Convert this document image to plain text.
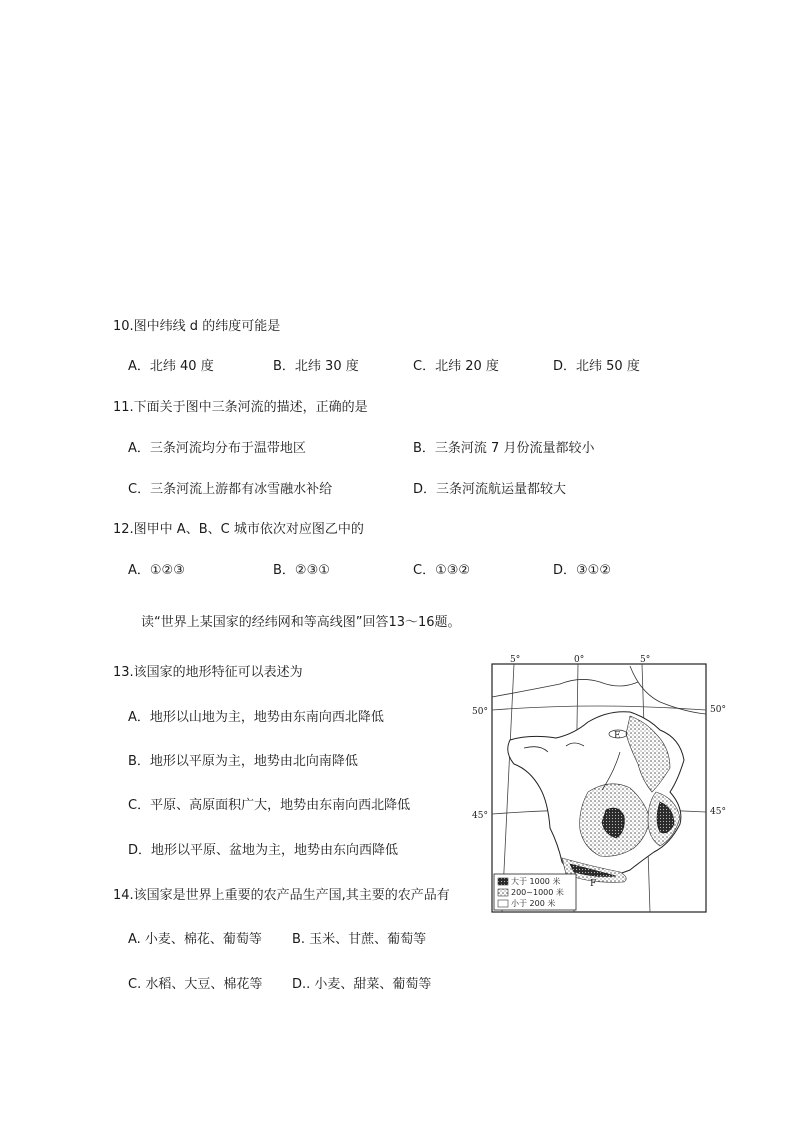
10.图中纬线 d 的纬度可能是
A．北纬 40 度	B．北纬 30 度	C．北纬 20 度	D．北纬 50 度
11.下面关于图中三条河流的描述，正确的是
A．三条河流均分布于温带地区	B．三条河流 7 月份流量都较小
C．三条河流上游都有冰雪融水补给	D．三条河流航运量都较大
12.图甲中 A、B、C 城市依次对应图乙中的
A．①②③	B．②③①	C．①③②	D．③①②
读“世界上某国家的经纬网和等高线图”回答13～16题。
13.该国家的地形特征可以表述为
A．地形以山地为主，地势由东南向西北降低
B．地形以平原为主，地势由北向南降低
C．平原、高原面积广大，地势由东南向西北降低
D．地形以平原、盆地为主，地势由东向西降低
14.该国家是世界上重要的农产品生产国,其主要的农产品有
A. 小麦、棉花、葡萄等 B. 玉米、甘蔗、葡萄等
C. 水稻、大豆、棉花等 D.. 小麦、甜菜、葡萄等
5°	0°	5°
50°
45°
50°
45°
E
F
大于 1000 米
200~1000 米
小于 200 米
